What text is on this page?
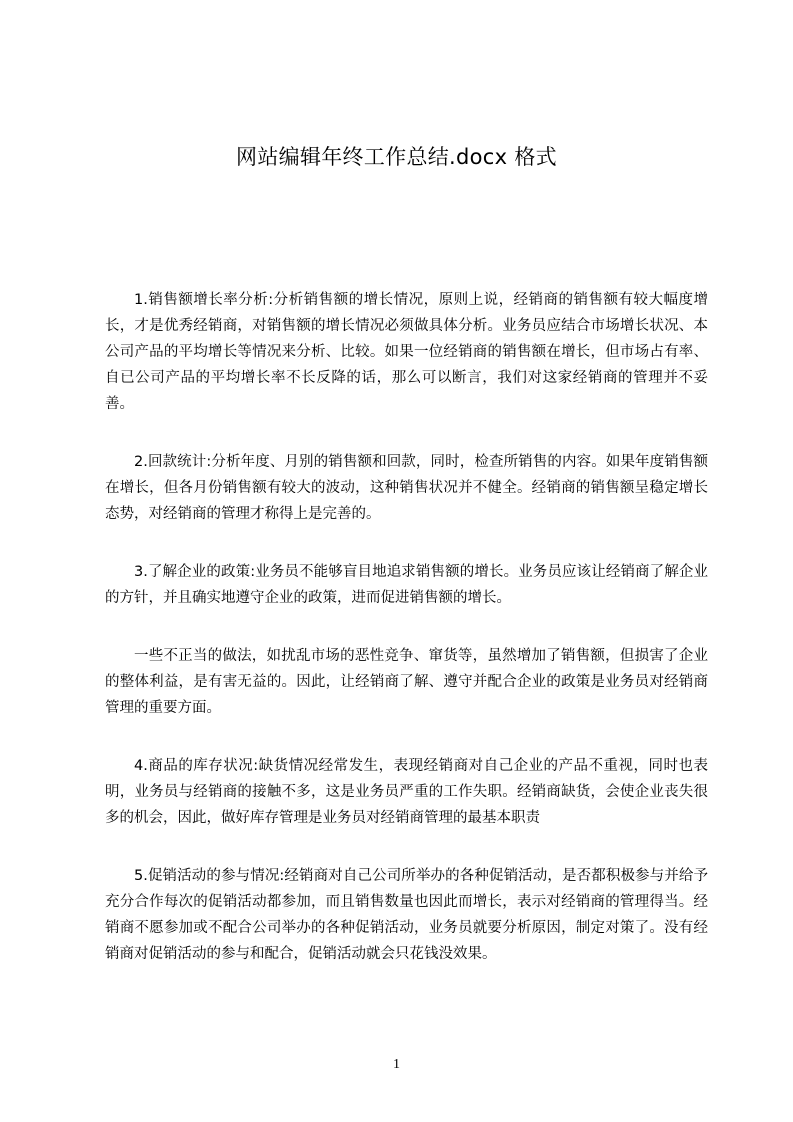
网站编辑年终工作总结.docx 格式

1.销售额增长率分析:分析销售额的增长情况，原则上说，经销商的销售额有较大幅度增长，才是优秀经销商，对销售额的增长情况必须做具体分析。业务员应结合市场增长状况、本公司产品的平均增长等情况来分析、比较。如果一位经销商的销售额在增长，但市场占有率、自已公司产品的平均增长率不长反降的话，那么可以断言，我们对这家经销商的管理并不妥善。

2.回款统计:分析年度、月别的销售额和回款，同时，检查所销售的内容。如果年度销售额在增长，但各月份销售额有较大的波动，这种销售状况并不健全。经销商的销售额呈稳定增长态势，对经销商的管理才称得上是完善的。

3.了解企业的政策:业务员不能够盲目地追求销售额的增长。业务员应该让经销商了解企业的方针，并且确实地遵守企业的政策，进而促进销售额的增长。

一些不正当的做法，如扰乱市场的恶性竞争、窜货等，虽然增加了销售额，但损害了企业的整体利益，是有害无益的。因此，让经销商了解、遵守并配合企业的政策是业务员对经销商管理的重要方面。

4.商品的库存状况:缺货情况经常发生，表现经销商对自己企业的产品不重视，同时也表明，业务员与经销商的接触不多，这是业务员严重的工作失职。经销商缺货，会使企业丧失很多的机会，因此，做好库存管理是业务员对经销商管理的最基本职责

5.促销活动的参与情况:经销商对自己公司所举办的各种促销活动，是否都积极参与并给予充分合作每次的促销活动都参加，而且销售数量也因此而增长，表示对经销商的管理得当。经销商不愿参加或不配合公司举办的各种促销活动，业务员就要分析原因，制定对策了。没有经销商对促销活动的参与和配合，促销活动就会只花钱没效果。

1
